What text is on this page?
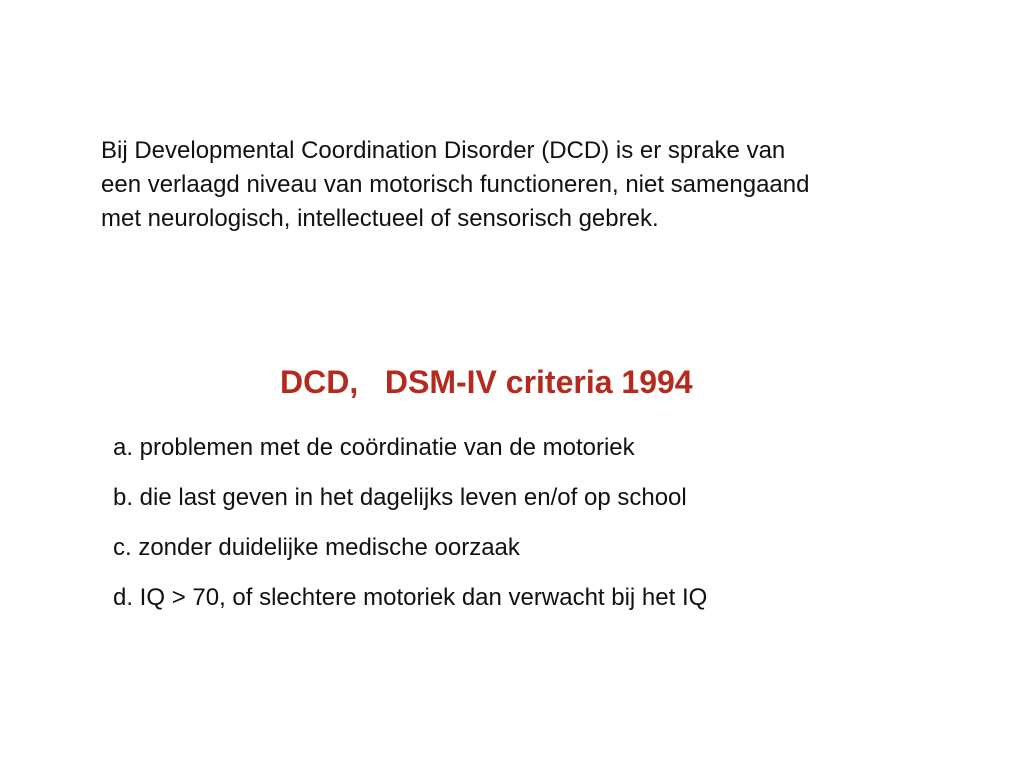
Bij Developmental Coordination Disorder (DCD) is er sprake van
een verlaagd niveau van motorisch functioneren, niet samengaand
met neurologisch, intellectueel of sensorisch gebrek.
DCD,   DSM-IV criteria 1994
a. problemen met de coördinatie van de motoriek
b. die last geven in het dagelijks leven en/of op school
c. zonder duidelijke medische oorzaak
d. IQ > 70, of slechtere motoriek dan verwacht bij het IQ
